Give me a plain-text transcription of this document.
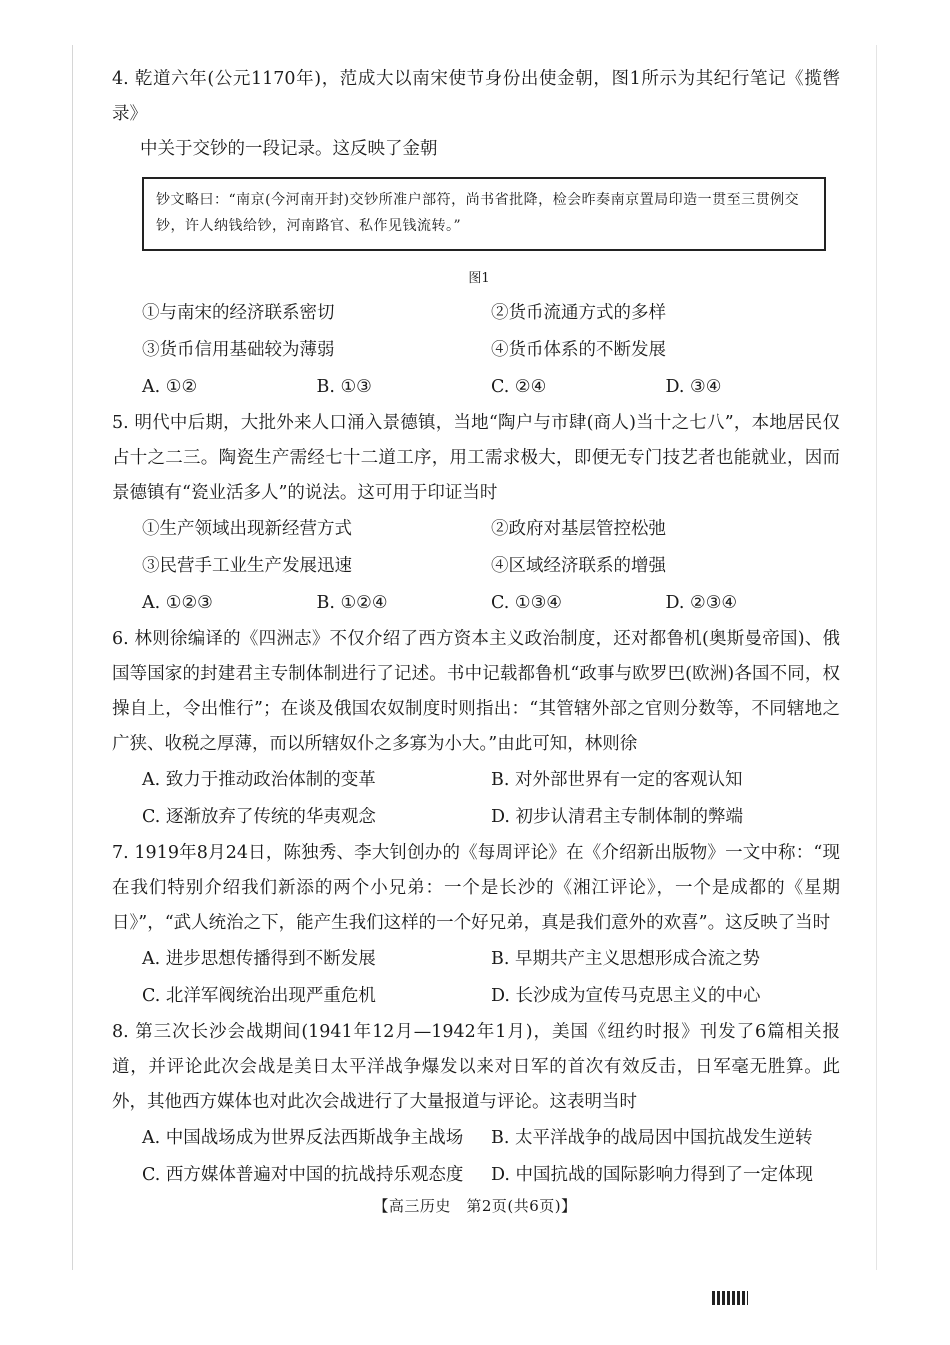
4. 乾道六年(公元1170年)，范成大以南宋使节身份出使金朝，图1所示为其纪行笔记《揽辔录》

中关于交钞的一段记录。这反映了金朝

钞文略曰：“南京(今河南开封)交钞所准户部符，尚书省批降，检会昨奏南京置局印造一贯至三贯例交钞，许人纳钱给钞，河南路官、私作见钱流转。”
图1
①与南宋的经济联系密切	②货币流通方式的多样
③货币信用基础较为薄弱	④货币体系的不断发展
A. ①②	B. ①③	C. ②④	D. ③④

5. 明代中后期，大批外来人口涌入景德镇，当地“陶户与市肆(商人)当十之七八”，本地居民仅占十之二三。陶瓷生产需经七十二道工序，用工需求极大，即便无专门技艺者也能就业，因而景德镇有“瓷业活多人”的说法。这可用于印证当时

①生产领域出现新经营方式	②政府对基层管控松弛
③民营手工业生产发展迅速	④区域经济联系的增强
A. ①②③	B. ①②④	C. ①③④	D. ②③④

6. 林则徐编译的《四洲志》不仅介绍了西方资本主义政治制度，还对都鲁机(奥斯曼帝国)、俄国等国家的封建君主专制体制进行了记述。书中记载都鲁机“政事与欧罗巴(欧洲)各国不同，权操自上，令出惟行”；在谈及俄国农奴制度时则指出：“其管辖外部之官则分数等，不同辖地之广狭、收税之厚薄，而以所辖奴仆之多寡为小大。”由此可知，林则徐

A. 致力于推动政治体制的变革	B. 对外部世界有一定的客观认知
C. 逐渐放弃了传统的华夷观念	D. 初步认清君主专制体制的弊端

7. 1919年8月24日，陈独秀、李大钊创办的《每周评论》在《介绍新出版物》一文中称：“现在我们特别介绍我们新添的两个小兄弟：一个是长沙的《湘江评论》，一个是成都的《星期日》”，“武人统治之下，能产生我们这样的一个好兄弟，真是我们意外的欢喜”。这反映了当时

A. 进步思想传播得到不断发展	B. 早期共产主义思想形成合流之势
C. 北洋军阀统治出现严重危机	D. 长沙成为宣传马克思主义的中心

8. 第三次长沙会战期间(1941年12月—1942年1月)，美国《纽约时报》刊发了6篇相关报道，并评论此次会战是美日太平洋战争爆发以来对日军的首次有效反击，日军毫无胜算。此外，其他西方媒体也对此次会战进行了大量报道与评论。这表明当时

A. 中国战场成为世界反法西斯战争主战场	B. 太平洋战争的战局因中国抗战发生逆转
C. 西方媒体普遍对中国的抗战持乐观态度	D. 中国抗战的国际影响力得到了一定体现
【高三历史　第2页(共6页)】
